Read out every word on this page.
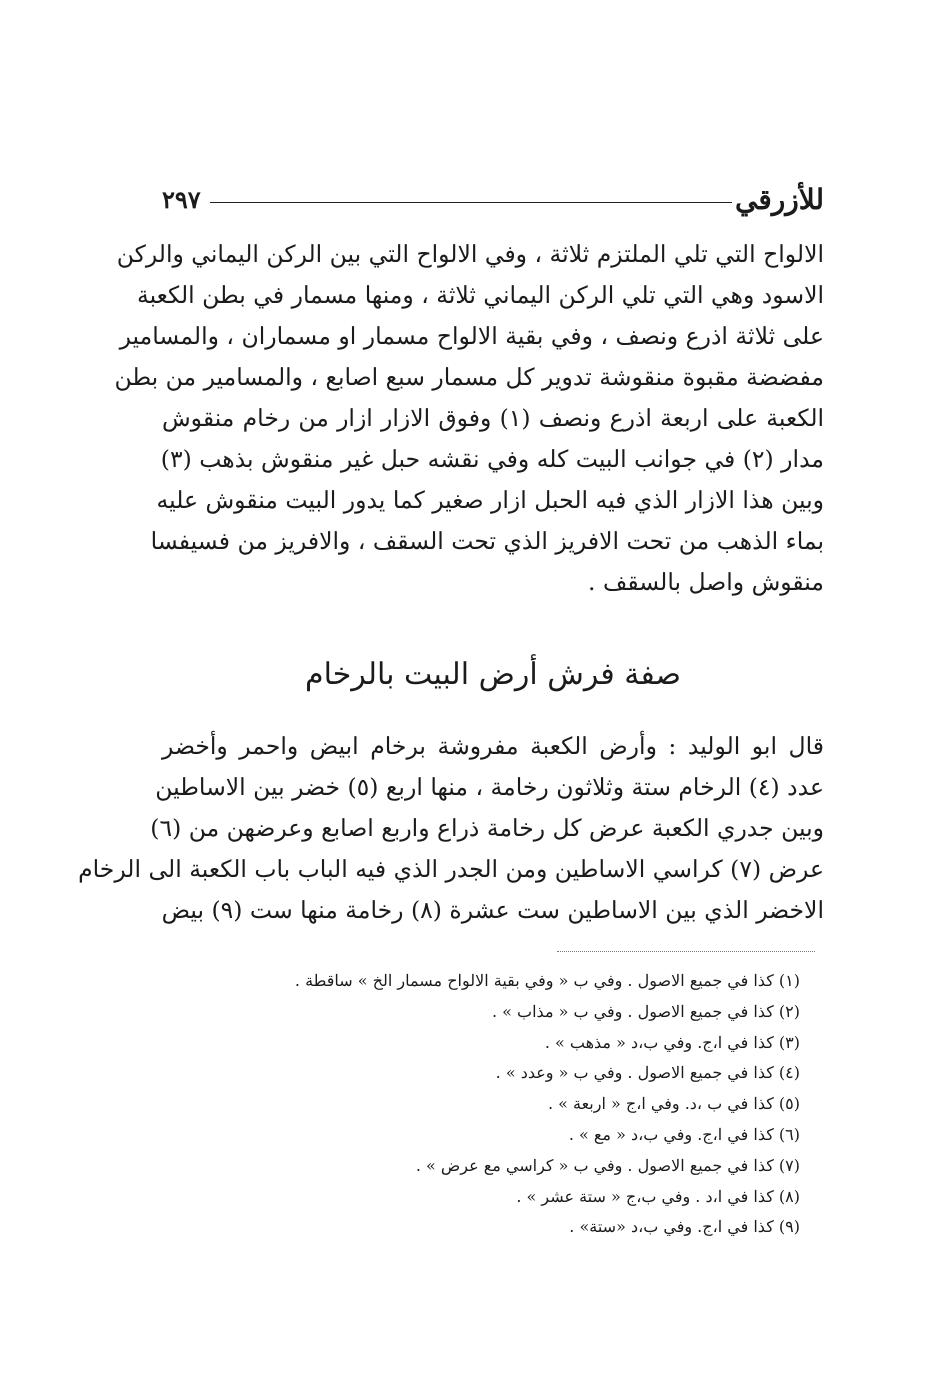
للأزرقي
٢٩٧
الالواح التي تلي الملتزم ثلاثة ، وفي الالواح التي بين الركن اليماني والركن
الاسود وهي التي تلي الركن اليماني ثلاثة ، ومنها مسمار في بطن الكعبة
على ثلاثة اذرع ونصف ، وفي بقية الالواح مسمار او مسماران ، والمسامير
مفضضة مقبوة منقوشة تدوير كل مسمار سبع اصابع ، والمسامير من بطن
الكعبة على اربعة اذرع ونصف (١) وفوق الازار ازار من رخام منقوش
مدار (٢) في جوانب البيت كله وفي نقشه حبل غير منقوش بذهب (٣)
وبين هذا الازار الذي فيه الحبل ازار صغير كما يدور البيت منقوش عليه
بماء الذهب من تحت الافريز الذي تحت السقف ، والافريز من فسيفسا
منقوش واصل بالسقف .
صفة فرش أرض البيت بالرخام
قال ابو الوليد : وأرض الكعبة مفروشة برخام ابيض واحمر وأخضر
عدد (٤) الرخام ستة وثلاثون رخامة ، منها اربع (٥) خضر بين الاساطين
وبين جدري الكعبة عرض كل رخامة ذراع واربع اصابع وعرضهن من (٦)
عرض (٧) كراسي الاساطين ومن الجدر الذي فيه الباب باب الكعبة الى الرخام
الاخضر الذي بين الاساطين ست عشرة (٨) رخامة منها ست (٩) بيض
(١) كذا في جميع الاصول . وفي ب « وفي بقية الالواح مسمار الخ » ساقطة .
(٢) كذا في جميع الاصول . وفي ب « مذاب » .
(٣) كذا في ا،ج. وفي ب،د « مذهب » .
(٤) كذا في جميع الاصول . وفي ب « وعدد » .
(٥) كذا في ب ،د. وفي ا،ج « اربعة » .
(٦) كذا في ا،ج. وفي ب،د « مع » .
(٧) كذا في جميع الاصول . وفي ب « كراسي مع عرض » .
(٨) كذا في ا،د . وفي ب،ج « ستة عشر » .
(٩) كذا في ا،ج. وفي ب،د «ستة» .
